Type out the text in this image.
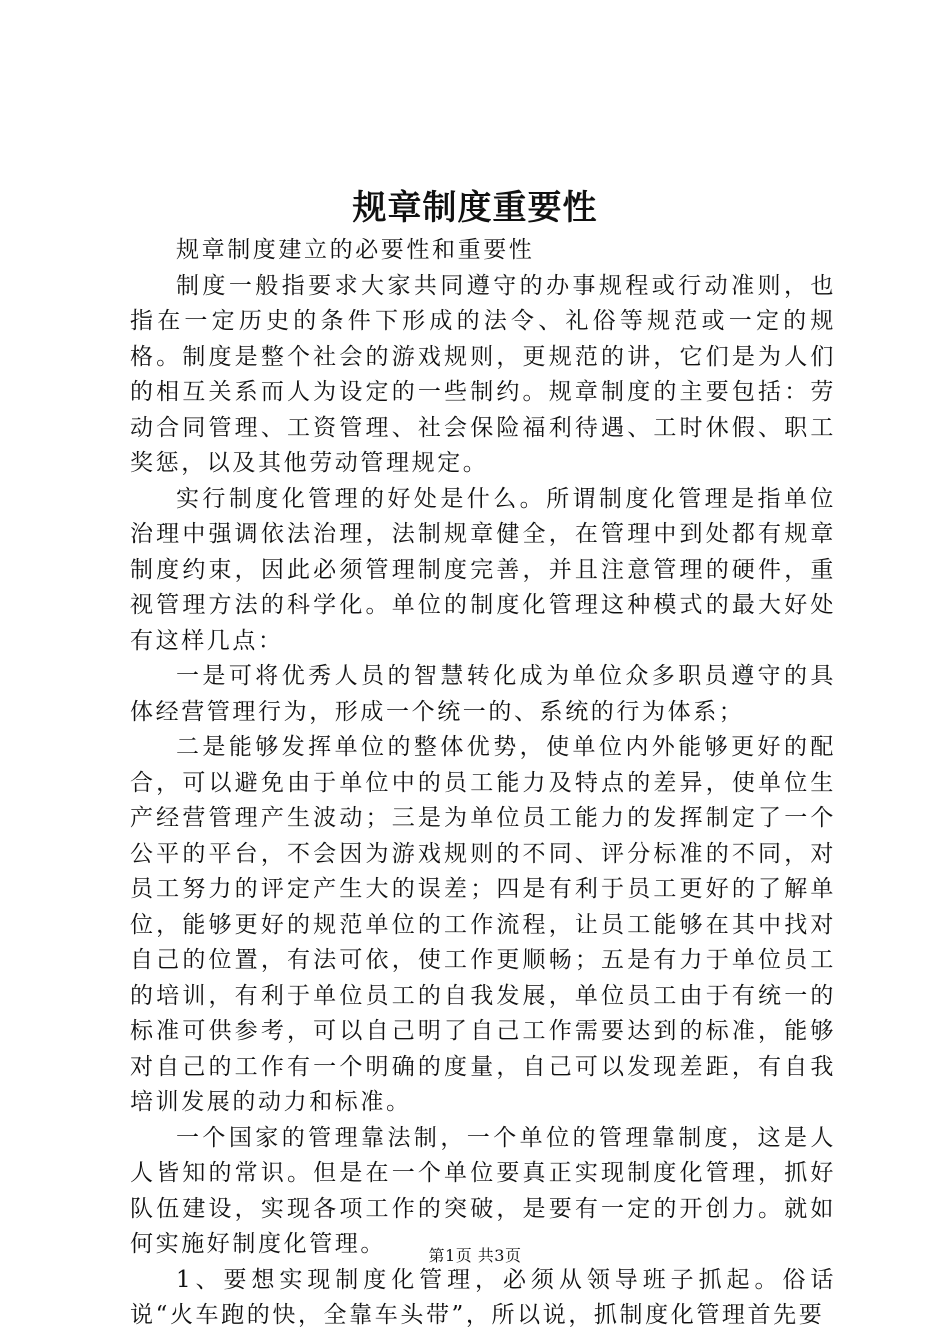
规章制度重要性

规章制度建立的必要性和重要性

制度一般指要求大家共同遵守的办事规程或行动准则，也指在一定历史的条件下形成的法令、礼俗等规范或一定的规格。制度是整个社会的游戏规则，更规范的讲，它们是为人们的相互关系而人为设定的一些制约。规章制度的主要包括：劳动合同管理、工资管理、社会保险福利待遇、工时休假、职工奖惩，以及其他劳动管理规定。

实行制度化管理的好处是什么。所谓制度化管理是指单位治理中强调依法治理，法制规章健全，在管理中到处都有规章制度约束，因此必须管理制度完善，并且注意管理的硬件，重视管理方法的科学化。单位的制度化管理这种模式的最大好处有这样几点：

一是可将优秀人员的智慧转化成为单位众多职员遵守的具体经营管理行为，形成一个统一的、系统的行为体系；

二是能够发挥单位的整体优势，使单位内外能够更好的配合，可以避免由于单位中的员工能力及特点的差异，使单位生产经营管理产生波动；三是为单位员工能力的发挥制定了一个公平的平台，不会因为游戏规则的不同、评分标准的不同，对员工努力的评定产生大的误差；四是有利于员工更好的了解单位，能够更好的规范单位的工作流程，让员工能够在其中找对自己的位置，有法可依，使工作更顺畅；五是有力于单位员工的培训，有利于单位员工的自我发展，单位员工由于有统一的标准可供参考，可以自己明了自己工作需要达到的标准，能够对自己的工作有一个明确的度量，自己可以发现差距，有自我培训发展的动力和标准。

一个国家的管理靠法制，一个单位的管理靠制度，这是人人皆知的常识。但是在一个单位要真正实现制度化管理，抓好队伍建设，实现各项工作的突破，是要有一定的开创力。就如何实施好制度化管理。

1、要想实现制度化管理，必须从领导班子抓起。俗话说“火车跑的快，全靠车头带”，所以说，抓制度化管理首先要

第1页 共3页
